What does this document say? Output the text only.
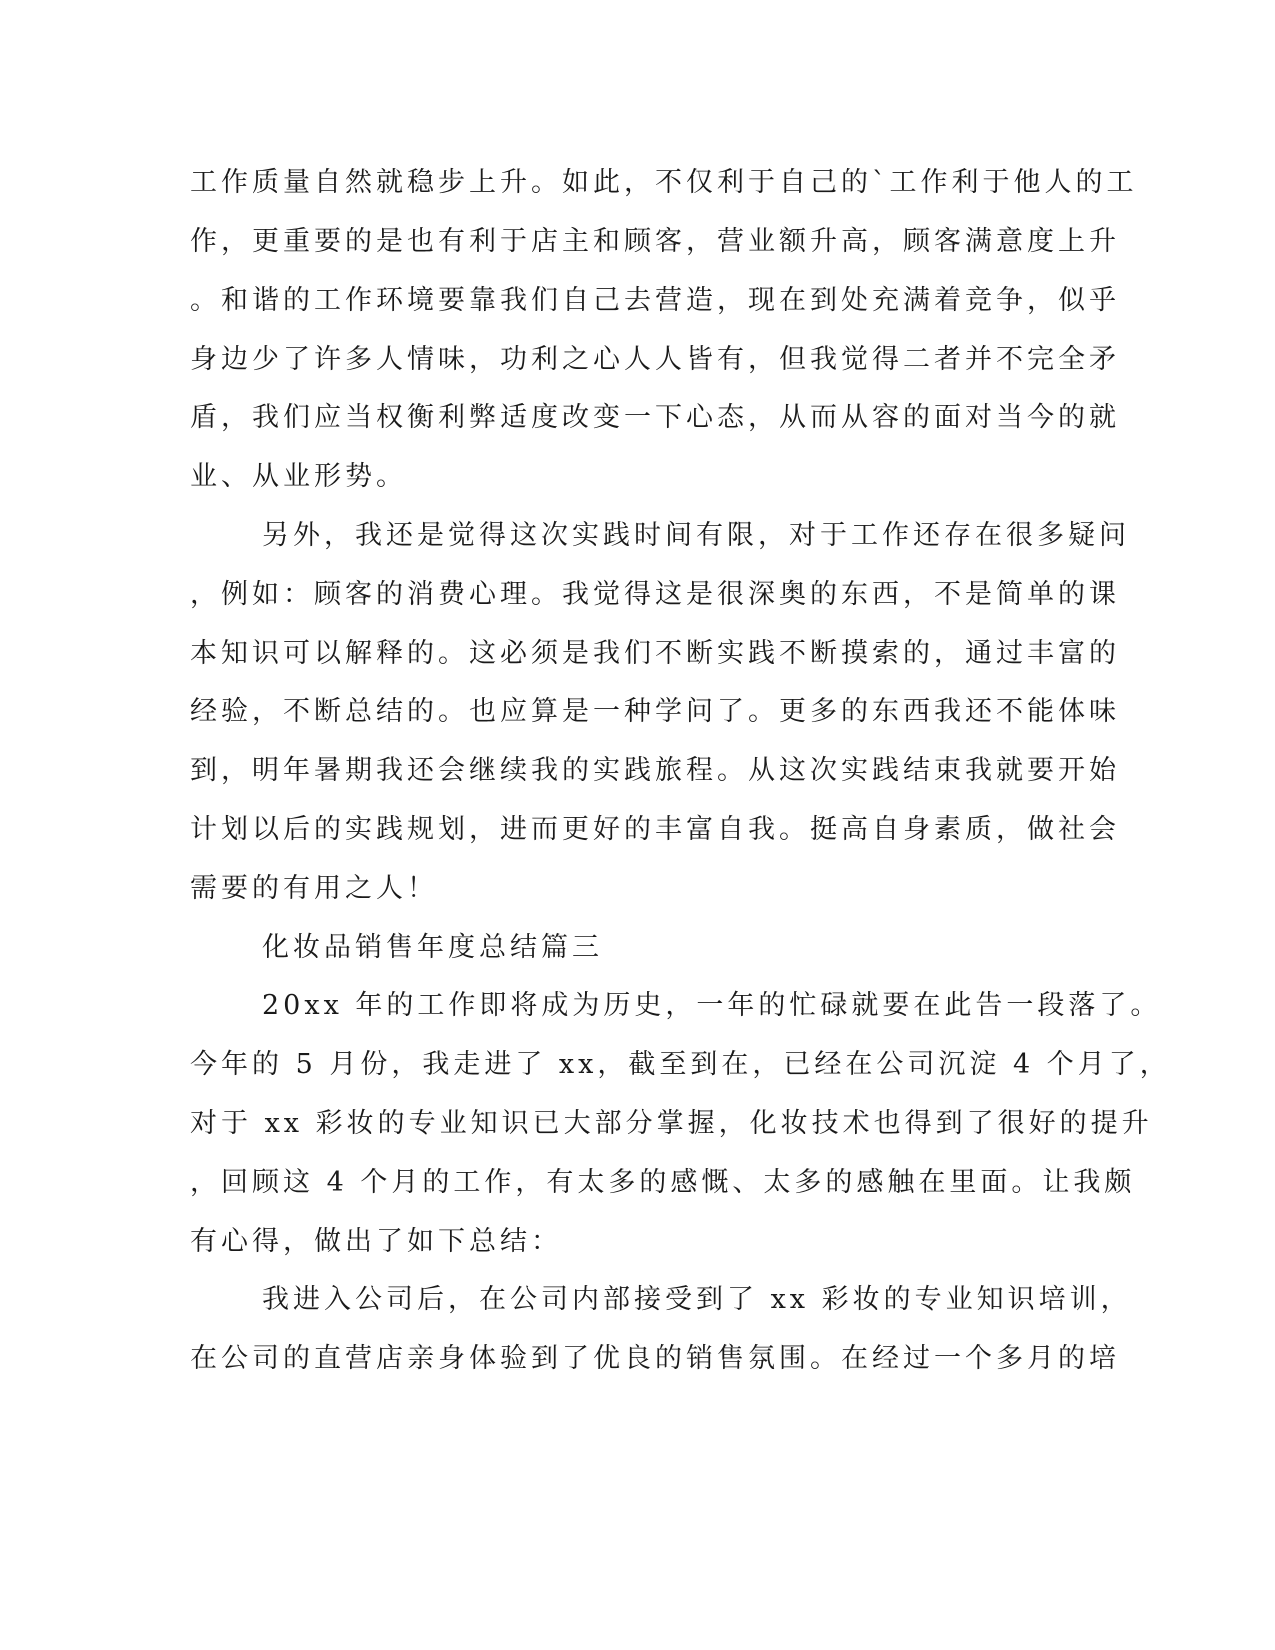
工作质量自然就稳步上升。如此，不仅利于自己的`工作利于他人的工
作，更重要的是也有利于店主和顾客，营业额升高，顾客满意度上升
。和谐的工作环境要靠我们自己去营造，现在到处充满着竞争，似乎
身边少了许多人情味，功利之心人人皆有，但我觉得二者并不完全矛
盾，我们应当权衡利弊适度改变一下心态，从而从容的面对当今的就
业、从业形势。
另外，我还是觉得这次实践时间有限，对于工作还存在很多疑问
，例如：顾客的消费心理。我觉得这是很深奥的东西，不是简单的课
本知识可以解释的。这必须是我们不断实践不断摸索的，通过丰富的
经验，不断总结的。也应算是一种学问了。更多的东西我还不能体味
到，明年暑期我还会继续我的实践旅程。从这次实践结束我就要开始
计划以后的实践规划，进而更好的丰富自我。挺高自身素质，做社会
需要的有用之人！
化妆品销售年度总结篇三
20xx 年的工作即将成为历史，一年的忙碌就要在此告一段落了。
今年的 5 月份，我走进了 xx，截至到在，已经在公司沉淀 4 个月了，
对于 xx 彩妆的专业知识已大部分掌握，化妆技术也得到了很好的提升
，回顾这 4 个月的工作，有太多的感慨、太多的感触在里面。让我颇
有心得，做出了如下总结：
我进入公司后，在公司内部接受到了 xx 彩妆的专业知识培训，
在公司的直营店亲身体验到了优良的销售氛围。在经过一个多月的培
